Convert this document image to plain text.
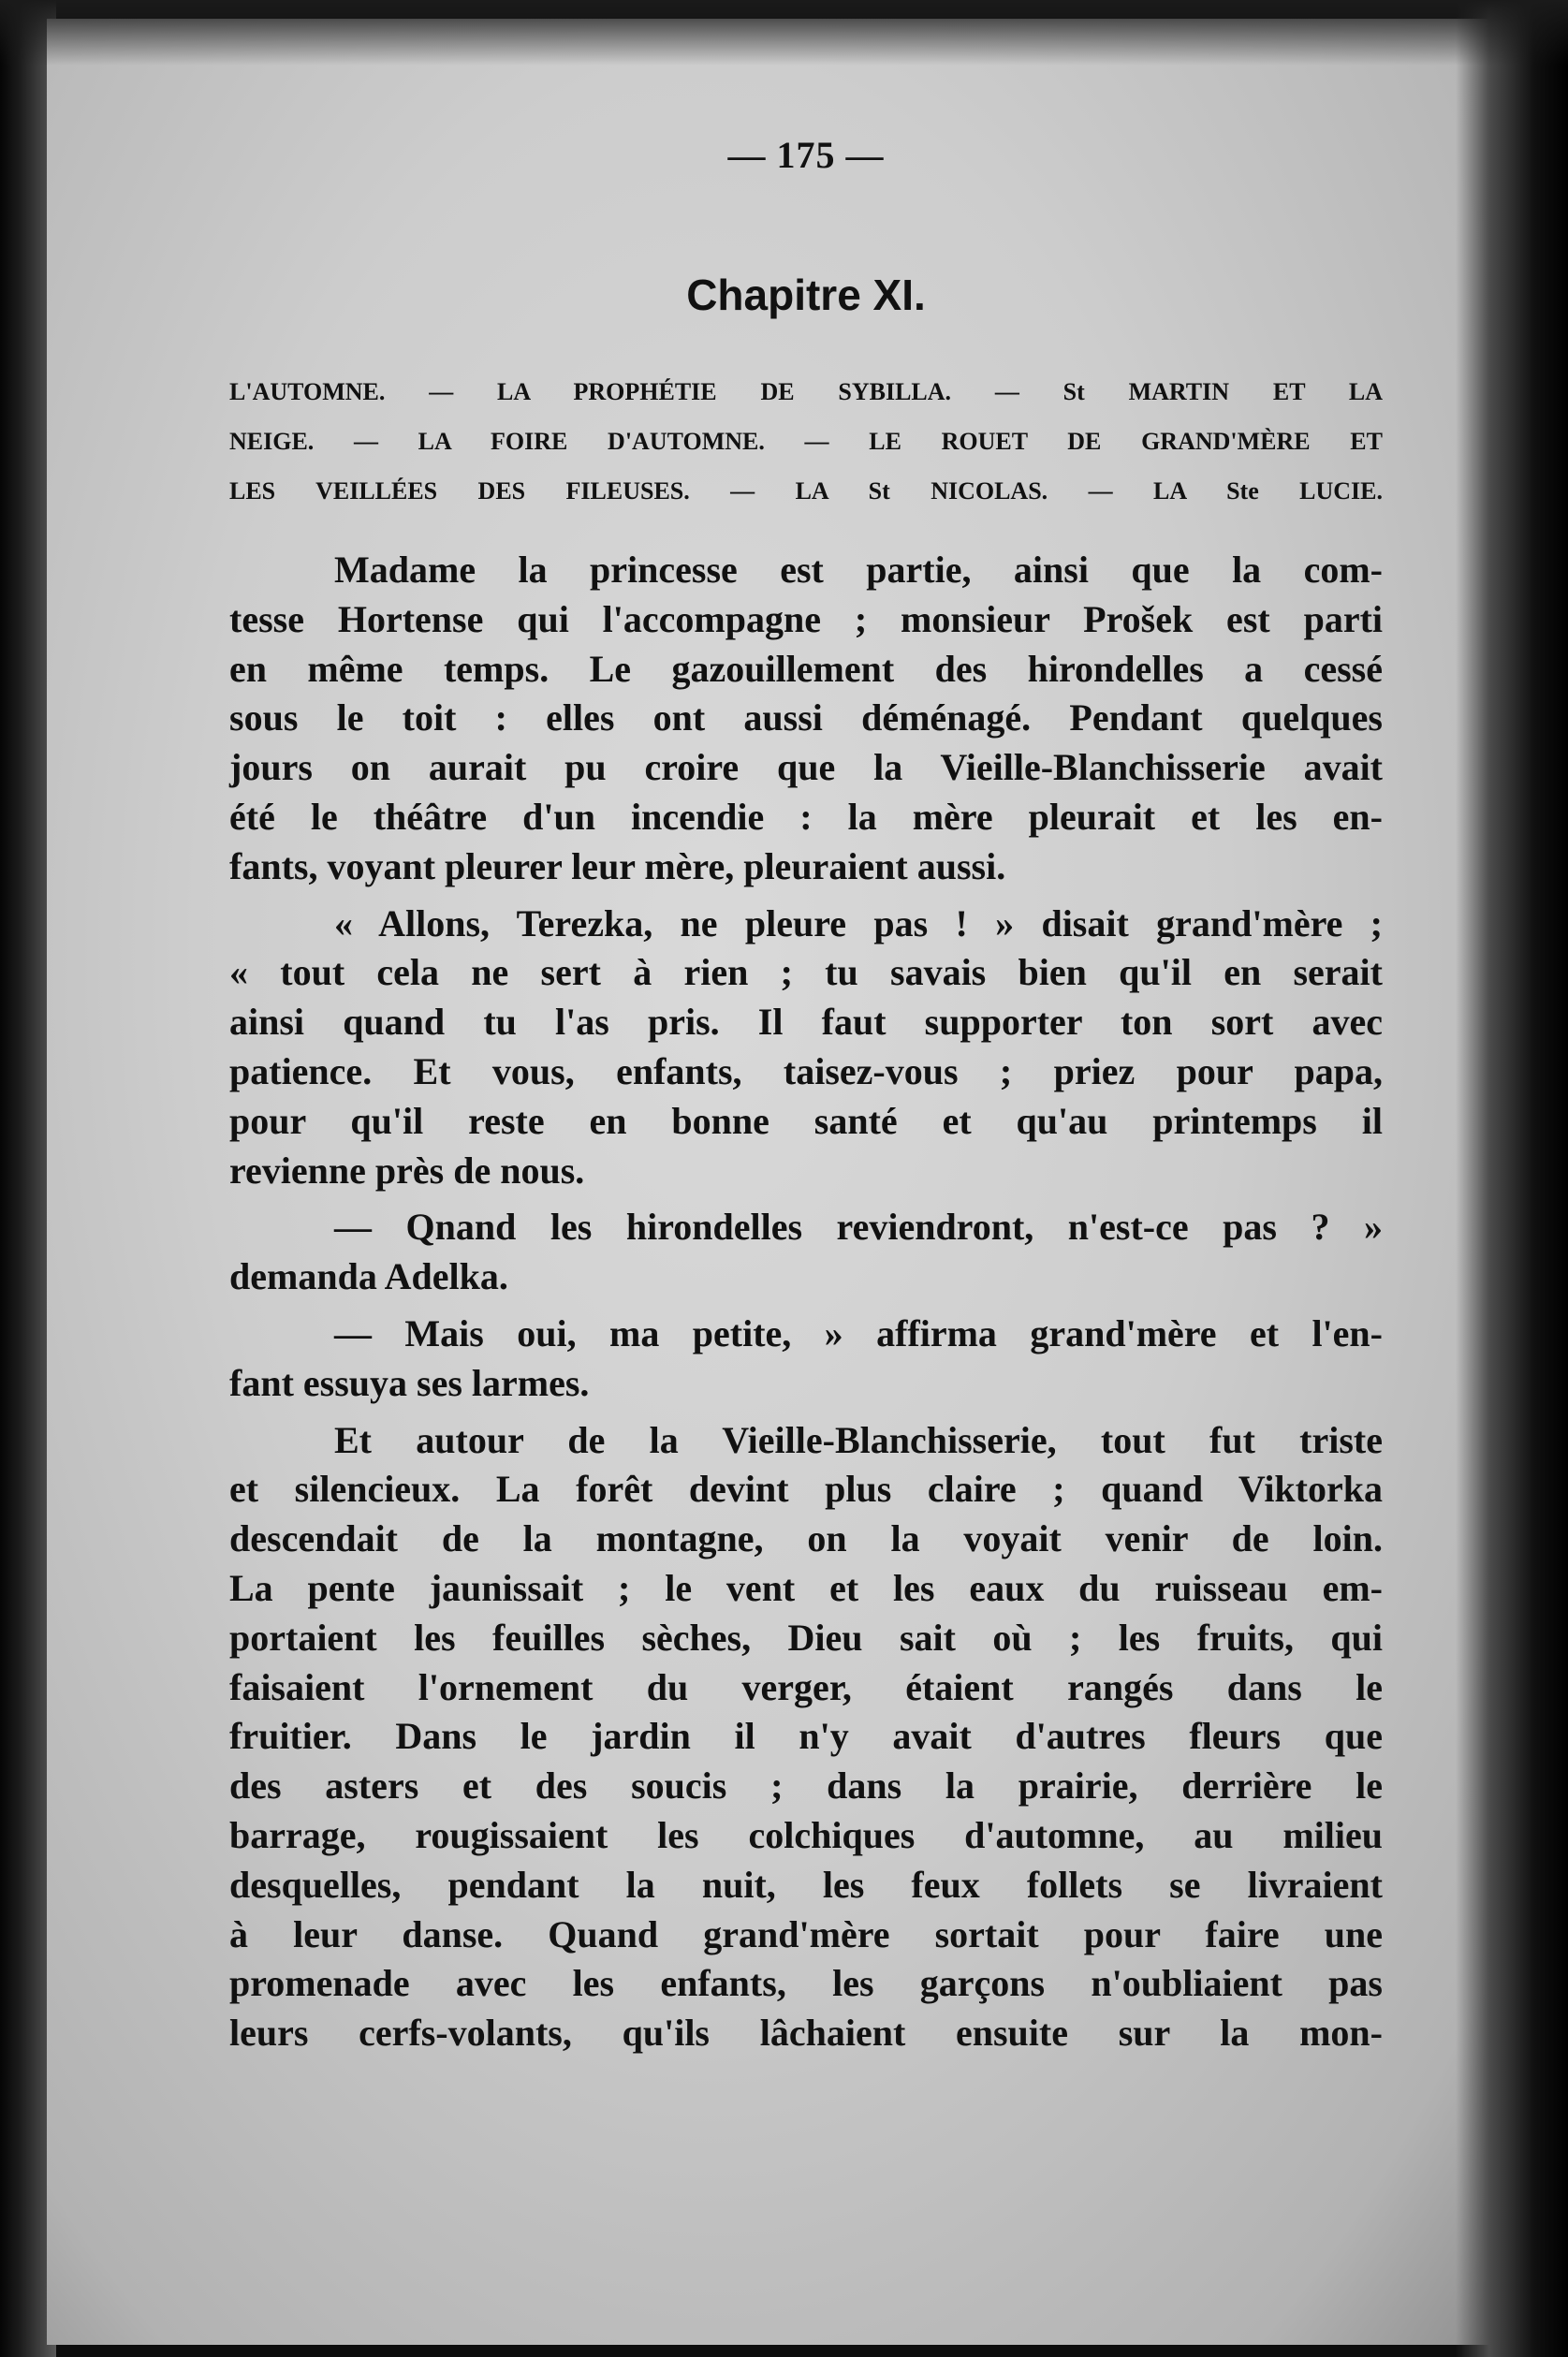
— 175 —
Chapitre XI.
L'AUTOMNE. — LA PROPHÉTIE DE SYBILLA. — St MARTIN ET LA
NEIGE. — LA FOIRE D'AUTOMNE. — LE ROUET DE GRAND'MÈRE ET
LES VEILLÉES DES FILEUSES. — LA St NICOLAS. — LA Ste LUCIE.
Madame la princesse est partie, ainsi que la com-
tesse Hortense qui l'accompagne ; monsieur Prošek est parti
en même temps. Le gazouillement des hirondelles a cessé
sous le toit : elles ont aussi déménagé. Pendant quelques
jours on aurait pu croire que la Vieille-Blanchisserie avait
été le théâtre d'un incendie : la mère pleurait et les en-
fants, voyant pleurer leur mère, pleuraient aussi.
« Allons, Terezka, ne pleure pas ! » disait grand'mère ;
« tout cela ne sert à rien ; tu savais bien qu'il en serait
ainsi quand tu l'as pris. Il faut supporter ton sort avec
patience. Et vous, enfants, taisez-vous ; priez pour papa,
pour qu'il reste en bonne santé et qu'au printemps il
revienne près de nous.
— Qnand les hirondelles reviendront, n'est-ce pas ? »
demanda Adelka.
— Mais oui, ma petite, » affirma grand'mère et l'en-
fant essuya ses larmes.
Et autour de la Vieille-Blanchisserie, tout fut triste
et silencieux. La forêt devint plus claire ; quand Viktorka
descendait de la montagne, on la voyait venir de loin.
La pente jaunissait ; le vent et les eaux du ruisseau em-
portaient les feuilles sèches, Dieu sait où ; les fruits, qui
faisaient l'ornement du verger, étaient rangés dans le
fruitier. Dans le jardin il n'y avait d'autres fleurs que
des asters et des soucis ; dans la prairie, derrière le
barrage, rougissaient les colchiques d'automne, au milieu
desquelles, pendant la nuit, les feux follets se livraient
à leur danse. Quand grand'mère sortait pour faire une
promenade avec les enfants, les garçons n'oubliaient pas
leurs cerfs-volants, qu'ils lâchaient ensuite sur la mon-
